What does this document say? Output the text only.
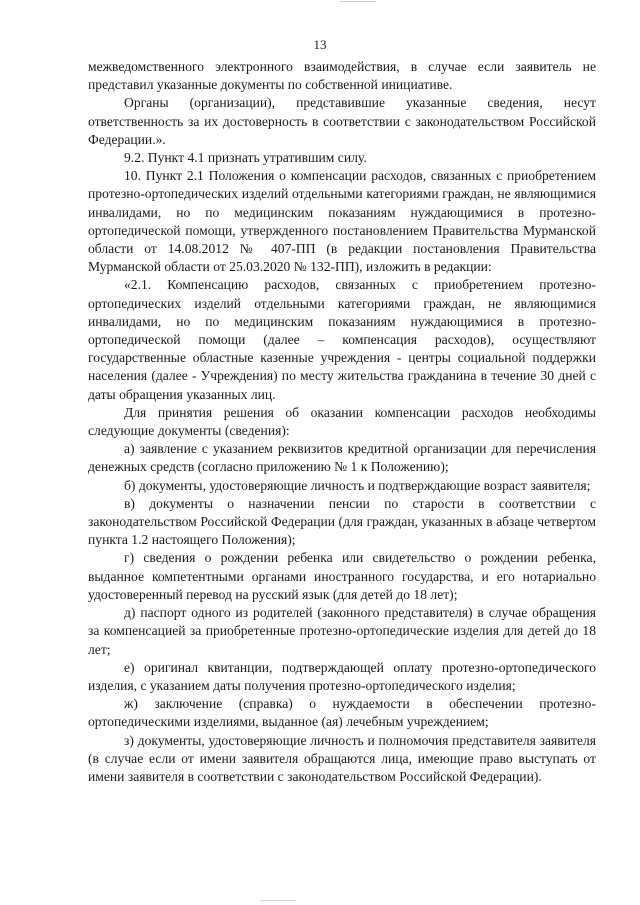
13

межведомственного электронного взаимодействия, в случае если заявитель не представил указанные документы по собственной инициативе.

Органы (организации), представившие указанные сведения, несут ответственность за их достоверность в соответствии с законодательством Российской Федерации.».

9.2. Пункт 4.1 признать утратившим силу.

10. Пункт 2.1 Положения о компенсации расходов, связанных с приобретением протезно-ортопедических изделий отдельными категориями граждан, не являющимися инвалидами, но по медицинским показаниям нуждающимися в протезно-ортопедической помощи, утвержденного постановлением Правительства Мурманской области от 14.08.2012 № 407-ПП (в редакции постановления Правительства Мурманской области от 25.03.2020 № 132-ПП), изложить в редакции:

«2.1. Компенсацию расходов, связанных с приобретением протезно-ортопедических изделий отдельными категориями граждан, не являющимися инвалидами, но по медицинским показаниям нуждающимися в протезно-ортопедической помощи (далее – компенсация расходов), осуществляют государственные областные казенные учреждения - центры социальной поддержки населения (далее - Учреждения) по месту жительства гражданина в течение 30 дней с даты обращения указанных лиц.

Для принятия решения об оказании компенсации расходов необходимы следующие документы (сведения):

а) заявление с указанием реквизитов кредитной организации для перечисления денежных средств (согласно приложению № 1 к Положению);

б) документы, удостоверяющие личность и подтверждающие возраст заявителя;

в) документы о назначении пенсии по старости в соответствии с законодательством Российской Федерации (для граждан, указанных в абзаце четвертом пункта 1.2 настоящего Положения);

г) сведения о рождении ребенка или свидетельство о рождении ребенка, выданное компетентными органами иностранного государства, и его нотариально удостоверенный перевод на русский язык (для детей до 18 лет);

д) паспорт одного из родителей (законного представителя) в случае обращения за компенсацией за приобретенные протезно-ортопедические изделия для детей до 18 лет;

е) оригинал квитанции, подтверждающей оплату протезно-ортопедического изделия, с указанием даты получения протезно-ортопедического изделия;

ж) заключение (справка) о нуждаемости в обеспечении протезно-ортопедическими изделиями, выданное (ая) лечебным учреждением;

з) документы, удостоверяющие личность и полномочия представителя заявителя (в случае если от имени заявителя обращаются лица, имеющие право выступать от имени заявителя в соответствии с законодательством Российской Федерации).
